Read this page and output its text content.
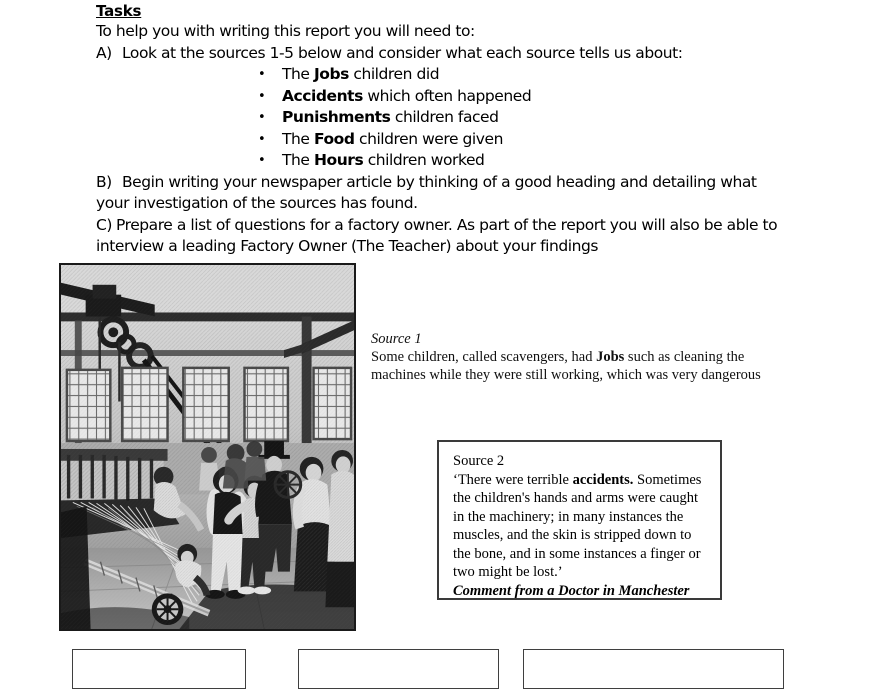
Tasks
To help you with writing this report you will need to:
A) Look at the sources 1-5 below and consider what each source tells us about:
• The Jobs children did
• Accidents which often happened
• Punishments children faced
• The Food children were given
• The Hours children worked
B) Begin writing your newspaper article by thinking of a good heading and detailing what your investigation of the sources has found.
C) Prepare a list of questions for a factory owner. As part of the report you will also be able to interview a leading Factory Owner (The Teacher) about your findings
Source 1
Some children, called scavengers, had Jobs such as cleaning the machines while they were still working, which was very dangerous
Source 2
‘There were terrible accidents. Sometimes the children's hands and arms were caught in the machinery; in many instances the muscles, and the skin is stripped down to the bone, and in some instances a finger or two might be lost.’
Comment from a Doctor in Manchester
